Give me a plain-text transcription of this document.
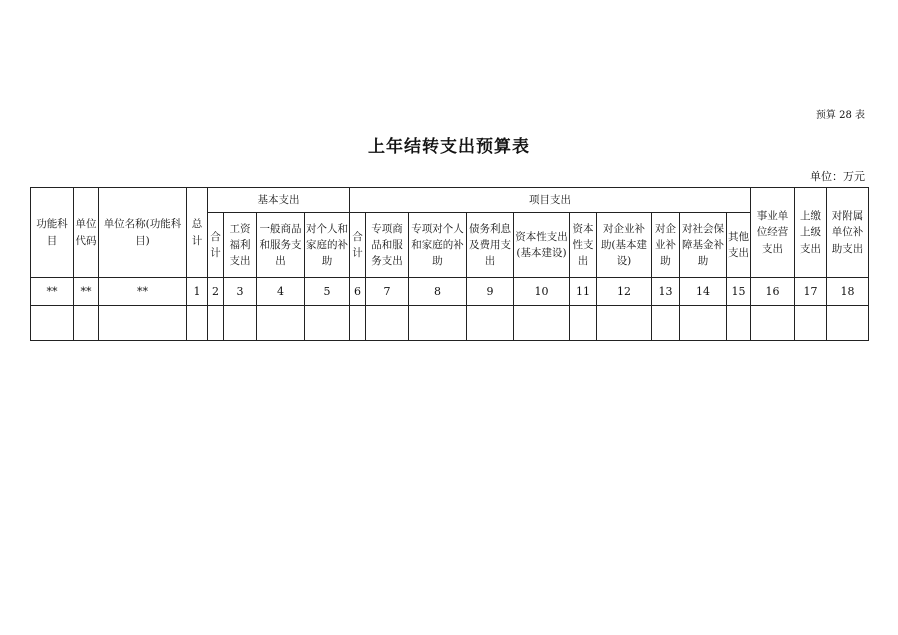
预算 28 表
上年结转支出预算表
单位：万元
功能科目	单位代码	单位名称(功能科目)	总计	基本支出				项目支出										事业单位经营支出	上缴上级支出	对附属单位补助支出
				合计	工资福利支出	一般商品和服务支出	对个人和家庭的补助	合计	专项商品和服务支出	专项对个人和家庭的补助	债务利息及费用支出	资本性支出(基本建设)	资本性支出	对企业补助(基本建设)	对企业补助	对社会保障基金补助	其他支出			
**	**	**	1	2	3	4	5	6	7	8	9	10	11	12	13	14	15	16	17	18
